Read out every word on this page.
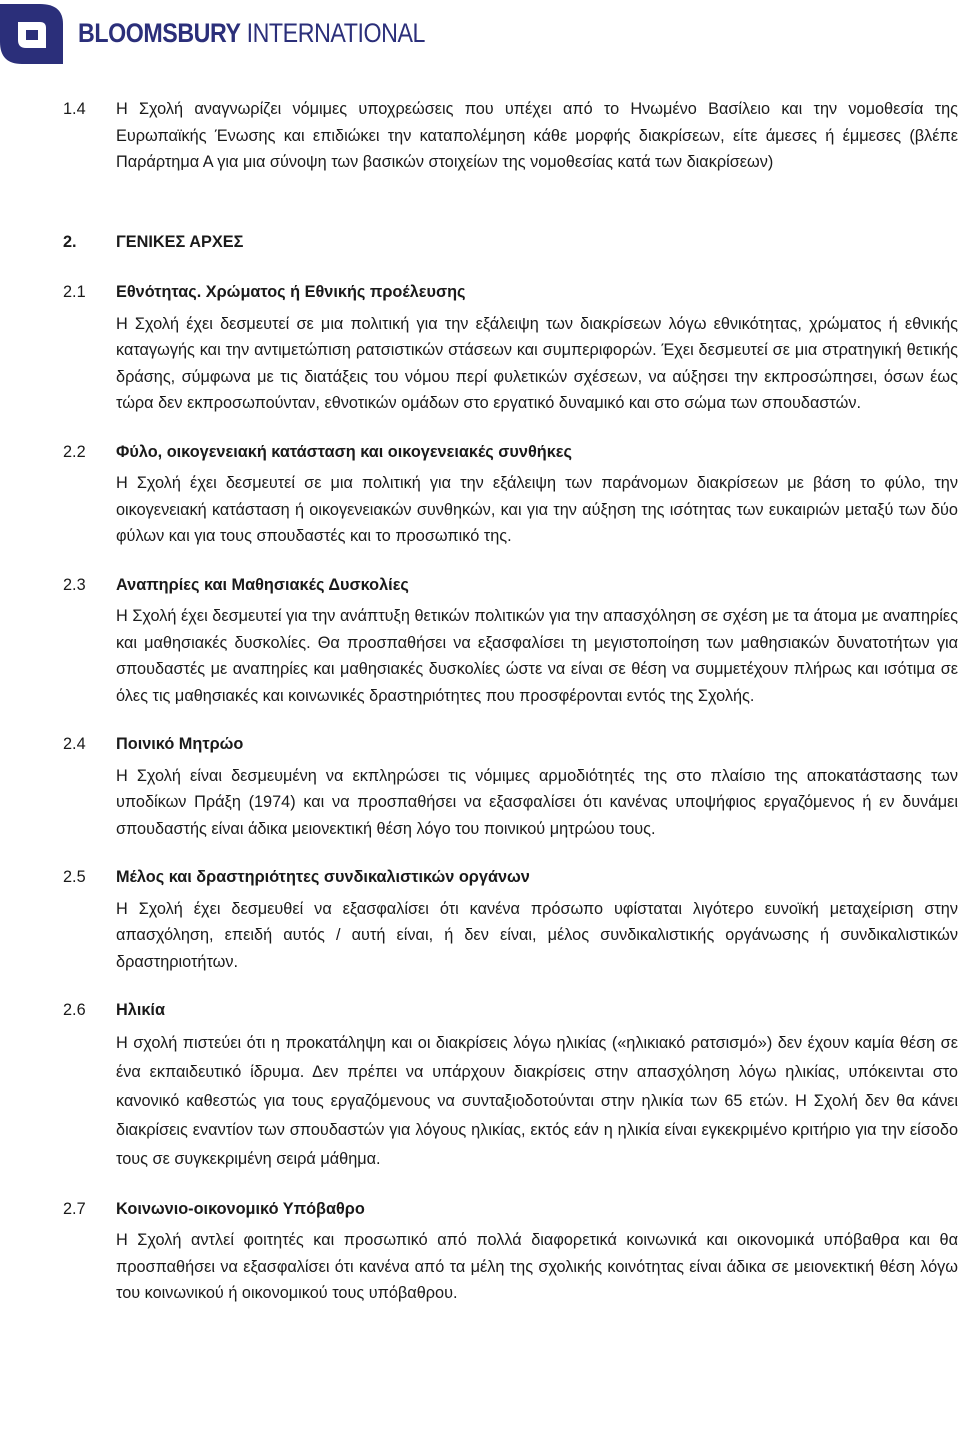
BLOOMSBURY INTERNATIONAL
1.4	Η Σχολή αναγνωρίζει νόμιμες υποχρεώσεις που υπέχει από το Ηνωμένο Βασίλειο και την νομοθεσία της Ευρωπαϊκής Ένωσης και επιδιώκει την καταπολέμηση κάθε μορφής διακρίσεων, είτε άμεσες ή έμμεσες (βλέπε Παράρτημα Α για μια σύνοψη των βασικών στοιχείων της νομοθεσίας κατά των διακρίσεων)
2.	ΓΕΝΙΚΕΣ ΑΡΧΕΣ
2.1	Εθνότητας. Χρώματος ή Εθνικής προέλευσης
Η Σχολή έχει δεσμευτεί σε μια πολιτική για την εξάλειψη των διακρίσεων λόγω εθνικότητας, χρώματος ή εθνικής καταγωγής και την αντιμετώπιση ρατσιστικών στάσεων και συμπεριφορών. Έχει δεσμευτεί σε μια στρατηγική θετικής δράσης, σύμφωνα με τις διατάξεις του νόμου περί φυλετικών σχέσεων, να αύξησει την εκπροσώπησει, όσων έως τώρα δεν εκπροσωπούνταν, εθνοτικών ομάδων στο εργατικό δυναμικό και στο σώμα των σπουδαστών.
2.2	Φύλο, οικογενειακή κατάσταση και οικογενειακές συνθήκες
Η Σχολή έχει δεσμευτεί σε μια πολιτική για την εξάλειψη των παράνομων διακρίσεων με βάση το φύλο, την οικογενειακή κατάσταση ή οικογενειακών συνθηκών, και για την αύξηση της ισότητας των ευκαιριών μεταξύ των δύο φύλων και για τους σπουδαστές και το προσωπικό της.
2.3	Αναπηρίες και Μαθησιακές Δυσκολίες
Η Σχολή έχει δεσμευτεί για την ανάπτυξη θετικών πολιτικών για την απασχόληση σε σχέση με τα άτομα με αναπηρίες και μαθησιακές δυσκολίες. Θα προσπαθήσει να εξασφαλίσει τη μεγιστοποίηση των μαθησιακών δυνατοτήτων για σπουδαστές με αναπηρίες και μαθησιακές δυσκολίες ώστε να είναι σε θέση να συμμετέχουν πλήρως και ισότιμα σε όλες τις μαθησιακές και κοινωνικές δραστηριότητες που προσφέρονται εντός της Σχολής.
2.4	Ποινικό Μητρώο
Η Σχολή είναι δεσμευμένη να εκπληρώσει τις νόμιμες αρμοδιότητές της στο πλαίσιο της αποκατάστασης των υποδίκων Πράξη (1974) και να προσπαθήσει να εξασφαλίσει ότι κανένας υποψήφιος εργαζόμενος ή εν δυνάμει σπουδαστής είναι άδικα μειονεκτική θέση λόγο του ποινικού μητρώου τους.
2.5	Μέλος και δραστηριότητες συνδικαλιστικών οργάνων
Η Σχολή έχει δεσμευθεί να εξασφαλίσει ότι κανένα πρόσωπο υφίσταται λιγότερο ευνοϊκή μεταχείριση στην απασχόληση, επειδή αυτός / αυτή είναι, ή δεν είναι, μέλος συνδικαλιστικής οργάνωσης ή συνδικαλιστικών δραστηριοτήτων.
2.6	Ηλικία
Η σχολή πιστεύει ότι η προκατάληψη και οι διακρίσεις λόγω ηλικίας («ηλικιακό ρατσισμό») δεν έχουν καμία θέση σε ένα εκπαιδευτικό ίδρυμα. Δεν πρέπει να υπάρχουν διακρίσεις στην απασχόληση λόγω ηλικίας, υπόκειντaι στο κανονικό καθεστώς για τους εργαζόμενους να συνταξιοδοτούνται στην ηλικία των 65 ετών. Η Σχολή δεν θα κάνει διακρίσεις εναντίον των σπουδαστών για λόγους ηλικίας, εκτός εάν η ηλικία είναι εγκεκριμένο κριτήριο για την είσοδο τους σε συγκεκριμένη σειρά μάθημα.
2.7	Κοινωνιο-οικονομικό Υπόβαθρο
Η Σχολή αντλεί φοιτητές και προσωπικό από πολλά διαφορετικά κοινωνικά και οικονομικά υπόβαθρα και θα προσπαθήσει να εξασφαλίσει ότι κανένα από τα μέλη της σχολικής κοινότητας είναι άδικα σε μειονεκτική θέση λόγω του κοινωνικού ή οικονομικού τους υπόβαθρου.
